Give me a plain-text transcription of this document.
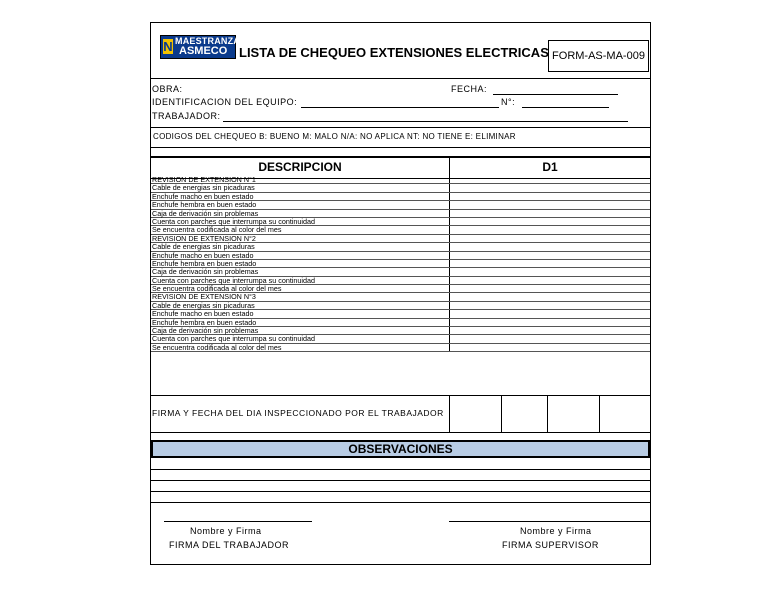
N MAESTRANZA
ASMECO LISTA DE CHEQUEO EXTENSIONES ELECTRICAS FORM-AS-MA-009
OBRA:	FECHA:
IDENTIFICACION DEL EQUIPO:	N°:
TRABAJADOR:
CODIGOS DEL CHEQUEO B: BUENO M: MALO N/A: NO APLICA NT: NO TIENE E: ELIMINAR
DESCRIPCION	D1
REVISION DE EXTENSION N°1
Cable de energias sin picaduras
Enchufe macho en buen estado
Enchufe hembra en buen estado
Caja de derivación sin problemas
Cuenta con parches que interrumpa su continuidad
Se encuentra codificada al color del mes
REVISION DE EXTENSION N°2
Cable de energias sin picaduras
Enchufe macho en buen estado
Enchufe hembra en buen estado
Caja de derivación sin problemas
Cuenta con parches que interrumpa su continuidad
Se encuentra codificada al color del mes
REVISION DE EXTENSION N°3
Cable de energias sin picaduras
Enchufe macho en buen estado
Enchufe hembra en buen estado
Caja de derivación sin problemas
Cuenta con parches que interrumpa su continuidad
Se encuentra codificada al color del mes
FIRMA Y FECHA DEL DIA INSPECCIONADO POR EL TRABAJADOR
OBSERVACIONES
Nombre y Firma
FIRMA DEL TRABAJADOR
Nombre y Firma
FIRMA SUPERVISOR
